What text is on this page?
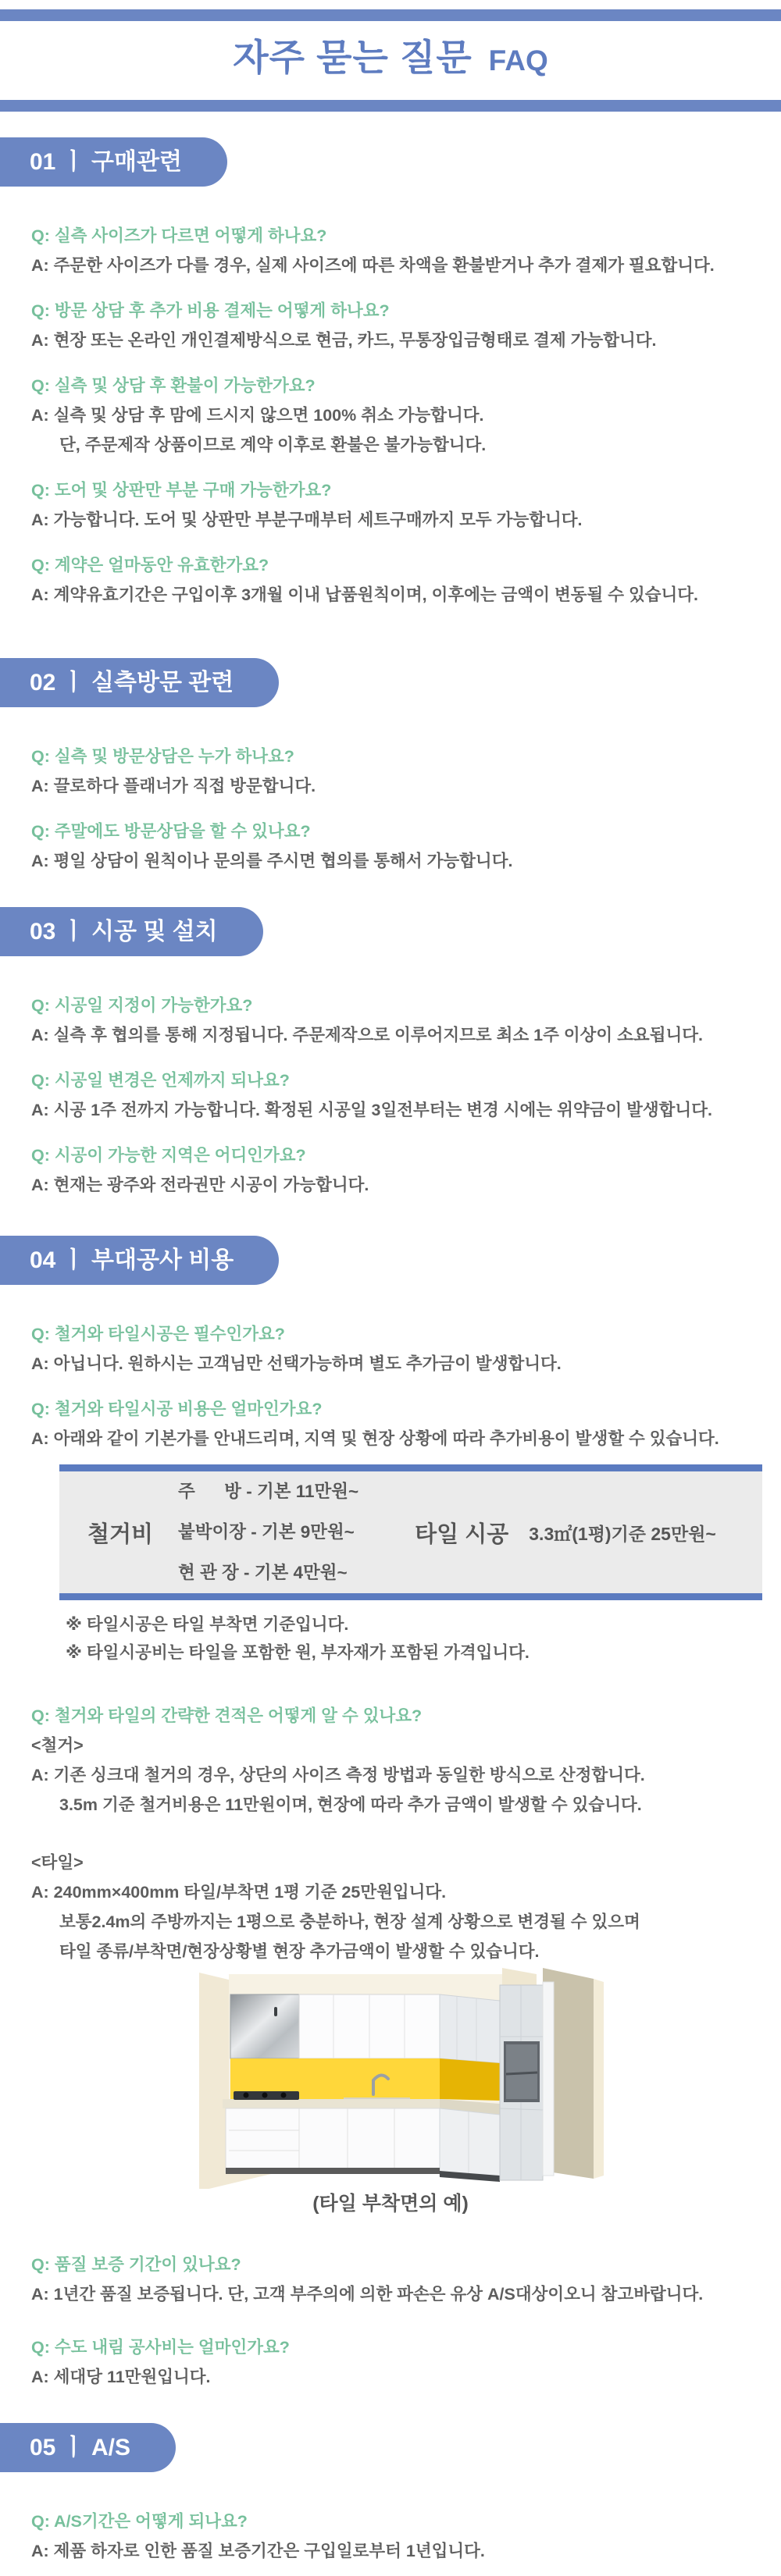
자주 묻는 질문 FAQ
01 ㅣ 구매관련
Q: 실측 사이즈가 다르면 어떻게 하나요?
A: 주문한 사이즈가 다를 경우, 실제 사이즈에 따른 차액을 환불받거나 추가 결제가 필요합니다.
Q: 방문 상담 후 추가 비용 결제는 어떻게 하나요?
A: 현장 또는 온라인 개인결제방식으로 현금, 카드, 무통장입금형태로 결제 가능합니다.
Q: 실측 및 상담 후 환불이 가능한가요?
A: 실측 및 상담 후 맘에 드시지 않으면 100% 취소 가능합니다.
단, 주문제작 상품이므로 계약 이후로 환불은 불가능합니다.
Q: 도어 및 상판만 부분 구매 가능한가요?
A: 가능합니다. 도어 및 상판만 부분구매부터 세트구매까지 모두 가능합니다.
Q: 계약은 얼마동안 유효한가요?
A: 계약유효기간은 구입이후 3개월 이내 납품원칙이며, 이후에는 금액이 변동될 수 있습니다.
02 ㅣ 실측방문 관련
Q: 실측 및 방문상담은 누가 하나요?
A: 끌로하다 플래너가 직접 방문합니다.
Q: 주말에도 방문상담을 할 수 있나요?
A: 평일 상담이 원칙이나 문의를 주시면 협의를 통해서 가능합니다.
03 ㅣ 시공 및 설치
Q: 시공일 지정이 가능한가요?
A: 실측 후 협의를 통해 지정됩니다. 주문제작으로 이루어지므로 최소 1주 이상이 소요됩니다.
Q: 시공일 변경은 언제까지 되나요?
A: 시공 1주 전까지 가능합니다. 확정된 시공일 3일전부터는 변경 시에는 위약금이 발생합니다.
Q: 시공이 가능한 지역은 어디인가요?
A: 현재는 광주와 전라권만 시공이 가능합니다.
04 ㅣ 부대공사 비용
Q: 철거와 타일시공은 필수인가요?
A: 아닙니다. 원하시는 고객님만 선택가능하며 별도 추가금이 발생합니다.
Q: 철거와 타일시공 비용은 얼마인가요?
A: 아래와 같이 기본가를 안내드리며, 지역 및 현장 상황에 따라 추가비용이 발생할 수 있습니다.
철거비
주      방 - 기본 11만원~
붙박이장 - 기본 9만원~
현 관 장 - 기본 4만원~
타일 시공 3.3㎡(1평)기준 25만원~
※ 타일시공은 타일 부착면 기준입니다.
※ 타일시공비는 타일을 포함한 원, 부자재가 포함된 가격입니다.
Q: 철거와 타일의 간략한 견적은 어떻게 알 수 있나요?
<철거>
A: 기존 싱크대 철거의 경우, 상단의 사이즈 측정 방법과 동일한 방식으로 산정합니다.
3.5m 기준 철거비용은 11만원이며, 현장에 따라 추가 금액이 발생할 수 있습니다.
<타일>
A: 240mm×400mm 타일/부착면 1평 기준 25만원입니다.
보통2.4m의 주방까지는 1평으로 충분하나, 현장 설계 상황으로 변경될 수 있으며
타일 종류/부착면/현장상황별 현장 추가금액이 발생할 수 있습니다.
(타일 부착면의 예)
Q: 품질 보증 기간이 있나요?
A: 1년간 품질 보증됩니다. 단, 고객 부주의에 의한 파손은 유상 A/S대상이오니 참고바랍니다.
Q: 수도 내림 공사비는 얼마인가요?
A: 세대당 11만원입니다.
05 ㅣ A/S
Q: A/S기간은 어떻게 되나요?
A: 제품 하자로 인한 품질 보증기간은 구입일로부터 1년입니다.
